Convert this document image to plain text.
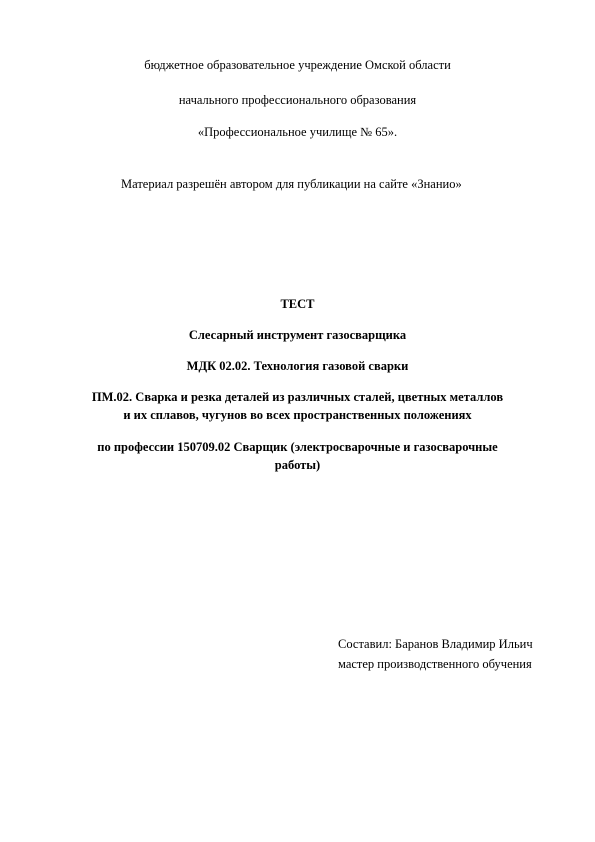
бюджетное образовательное учреждение Омской области
начального профессионального образования
«Профессиональное училище № 65».
Материал разрешён автором для публикации на сайте «Знанио»
ТЕСТ
Слесарный инструмент газосварщика
МДК 02.02. Технология газовой сварки
ПМ.02. Сварка и резка деталей из различных сталей, цветных металлов
и их сплавов, чугунов во всех пространственных положениях
по профессии 150709.02 Сварщик (электросварочные и газосварочные
работы)
Составил: Баранов Владимир Ильич
мастер производственного обучения
